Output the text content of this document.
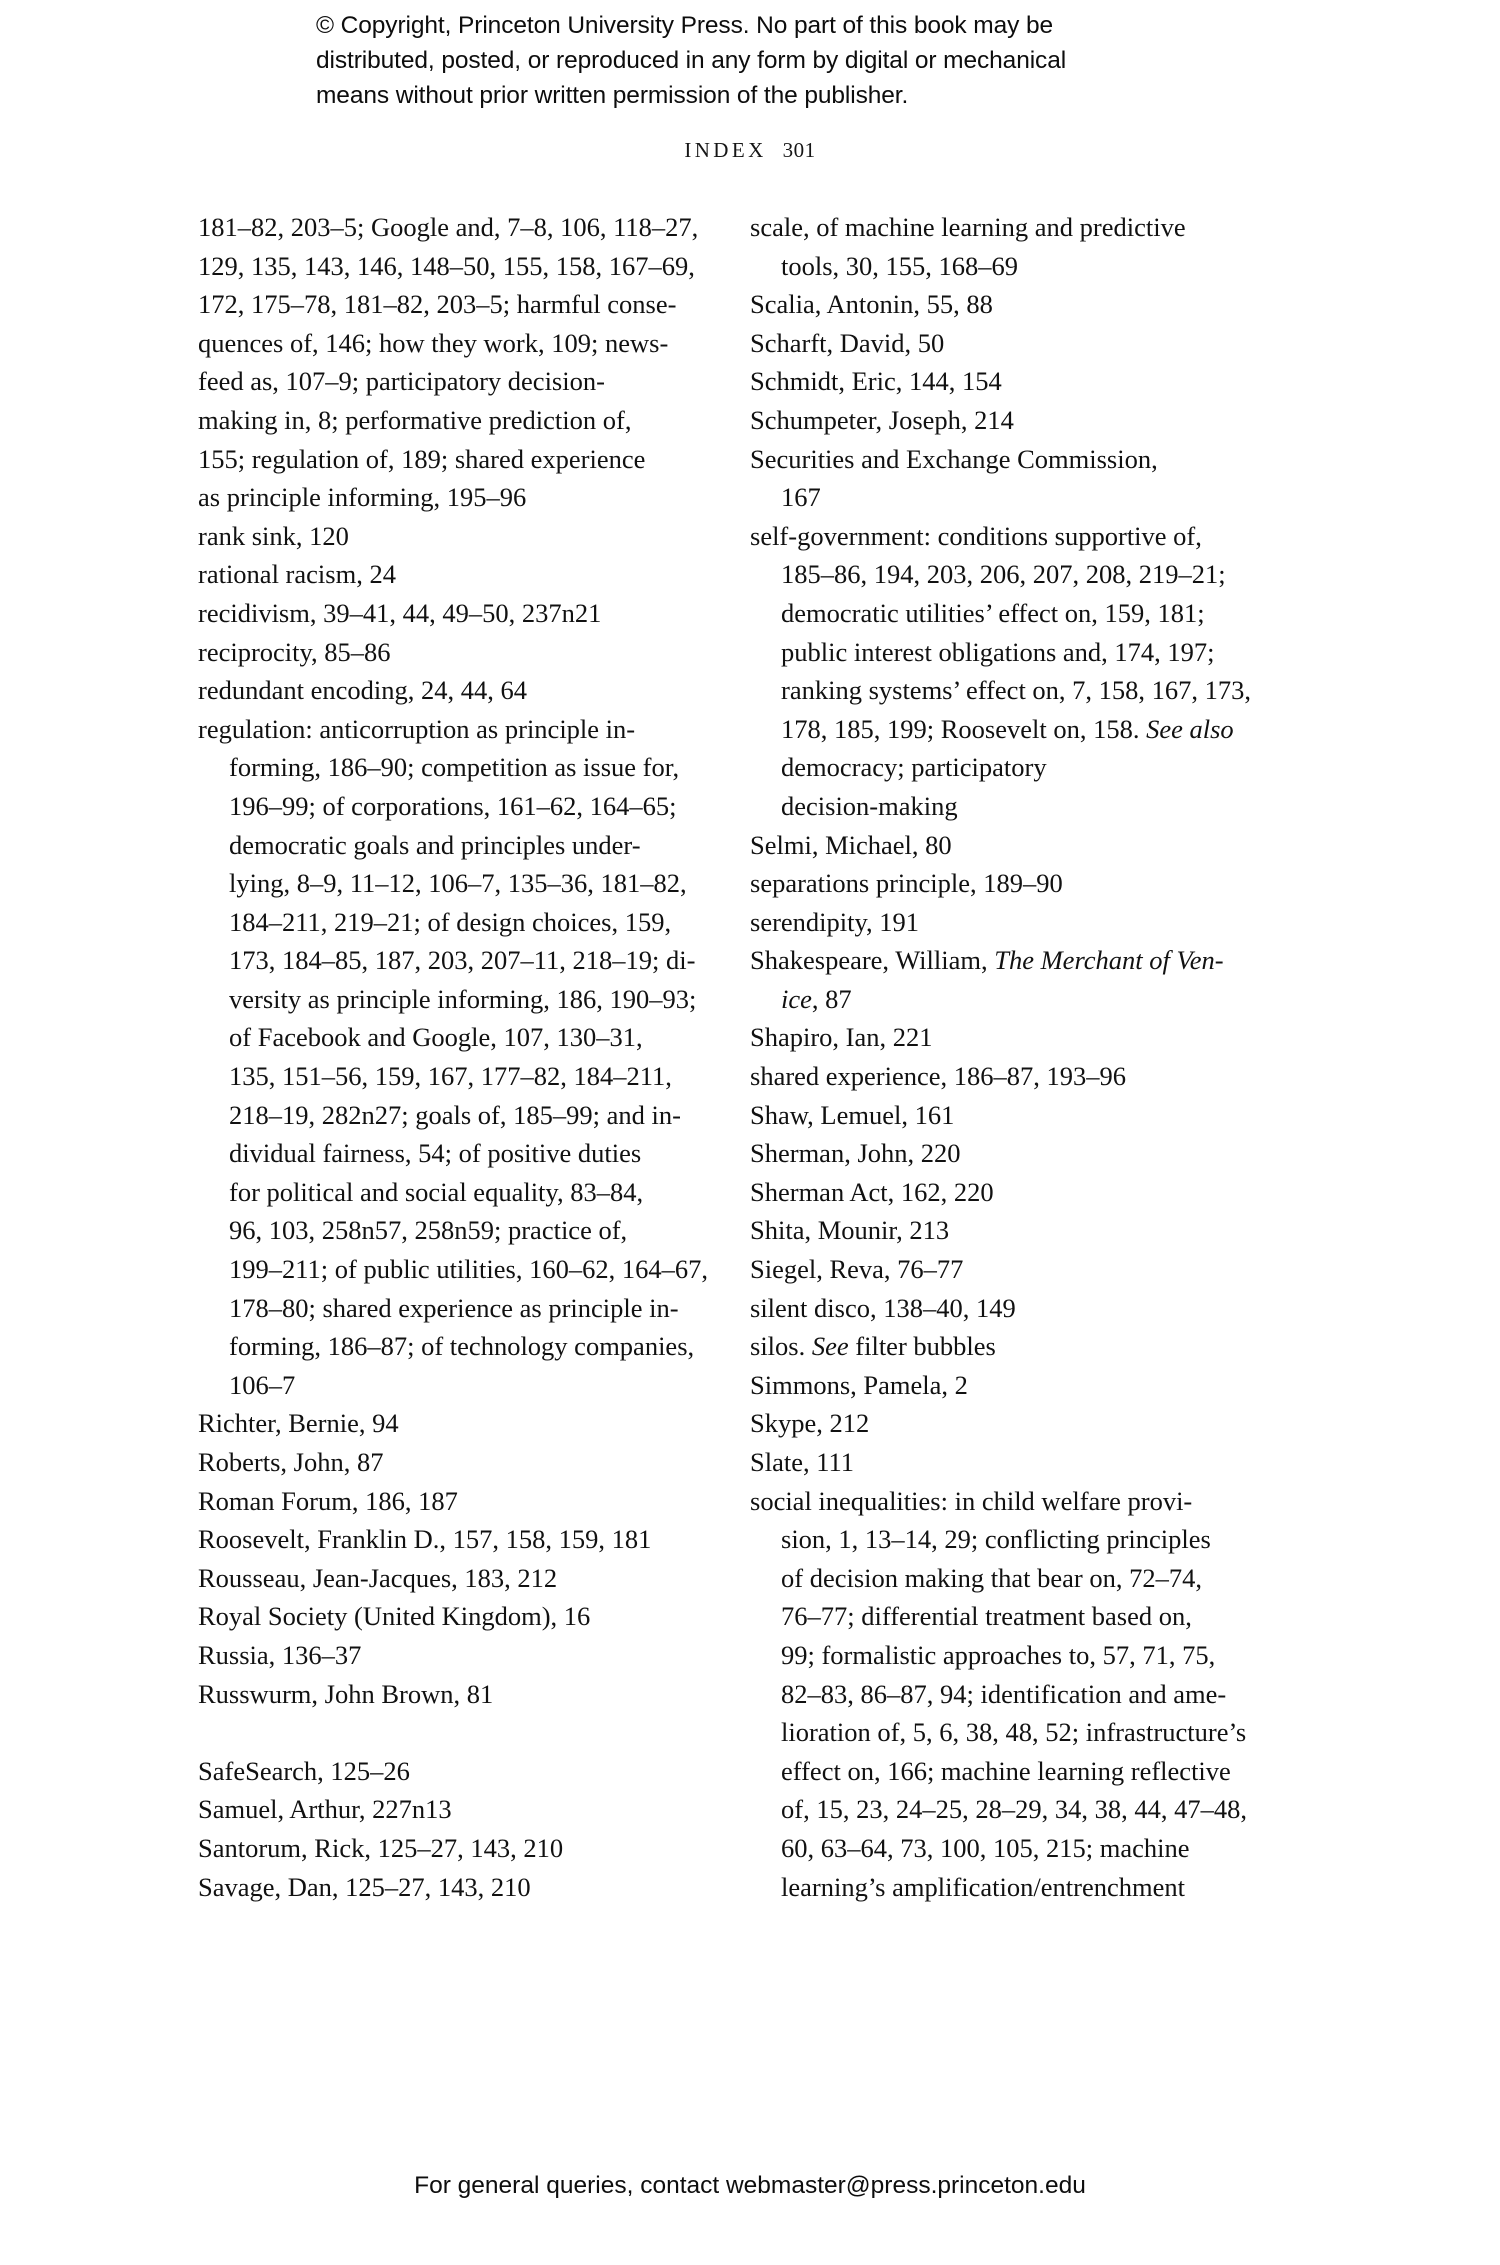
© Copyright, Princeton University Press. No part of this book may be
distributed, posted, or reproduced in any form by digital or mechanical
means without prior written permission of the publisher.
INDEX 301

181–82, 203–5; Google and, 7–8, 106, 118–27,
129, 135, 143, 146, 148–50, 155, 158, 167–69,
172, 175–78, 181–82, 203–5; harmful conse-
quences of, 146; how they work, 109; news-
feed as, 107–9; participatory decision-
making in, 8; performative prediction of,
155; regulation of, 189; shared experience
as principle informing, 195–96

rank sink, 120

rational racism, 24

recidivism, 39–41, 44, 49–50, 237n21

reciprocity, 85–86

redundant encoding, 24, 44, 64

regulation: anticorruption as principle in-
forming, 186–90; competition as issue for,
196–99; of corporations, 161–62, 164–65;
democratic goals and principles under-
lying, 8–9, 11–12, 106–7, 135–36, 181–82,
184–211, 219–21; of design choices, 159,
173, 184–85, 187, 203, 207–11, 218–19; di-
versity as principle informing, 186, 190–93;
of Facebook and Google, 107, 130–31,
135, 151–56, 159, 167, 177–82, 184–211,
218–19, 282n27; goals of, 185–99; and in-
dividual fairness, 54; of positive duties
for political and social equality, 83–84,
96, 103, 258n57, 258n59; practice of,
199–211; of public utilities, 160–62, 164–67,
178–80; shared experience as principle in-
forming, 186–87; of technology companies,
106–7

Richter, Bernie, 94

Roberts, John, 87

Roman Forum, 186, 187

Roosevelt, Franklin D., 157, 158, 159, 181

Rousseau, Jean-Jacques, 183, 212

Royal Society (United Kingdom), 16

Russia, 136–37

Russwurm, John Brown, 81

SafeSearch, 125–26

Samuel, Arthur, 227n13

Santorum, Rick, 125–27, 143, 210

Savage, Dan, 125–27, 143, 210

scale, of machine learning and predictive
tools, 30, 155, 168–69

Scalia, Antonin, 55, 88

Scharft, David, 50

Schmidt, Eric, 144, 154

Schumpeter, Joseph, 214

Securities and Exchange Commission,
167

self-government: conditions supportive of,
185–86, 194, 203, 206, 207, 208, 219–21;
democratic utilities’ effect on, 159, 181;
public interest obligations and, 174, 197;
ranking systems’ effect on, 7, 158, 167, 173,
178, 185, 199; Roosevelt on, 158. See also
democracy; participatory
decision-making

Selmi, Michael, 80

separations principle, 189–90

serendipity, 191

Shakespeare, William, The Merchant of Ven-
ice, 87

Shapiro, Ian, 221

shared experience, 186–87, 193–96

Shaw, Lemuel, 161

Sherman, John, 220

Sherman Act, 162, 220

Shita, Mounir, 213

Siegel, Reva, 76–77

silent disco, 138–40, 149

silos. See filter bubbles

Simmons, Pamela, 2

Skype, 212

Slate, 111

social inequalities: in child welfare provi-
sion, 1, 13–14, 29; conflicting principles
of decision making that bear on, 72–74,
76–77; differential treatment based on,
99; formalistic approaches to, 57, 71, 75,
82–83, 86–87, 94; identification and ame-
lioration of, 5, 6, 38, 48, 52; infrastructure’s
effect on, 166; machine learning reflective
of, 15, 23, 24–25, 28–29, 34, 38, 44, 47–48,
60, 63–64, 73, 100, 105, 215; machine
learning’s amplification/entrenchment

For general queries, contact webmaster@press.princeton.edu
